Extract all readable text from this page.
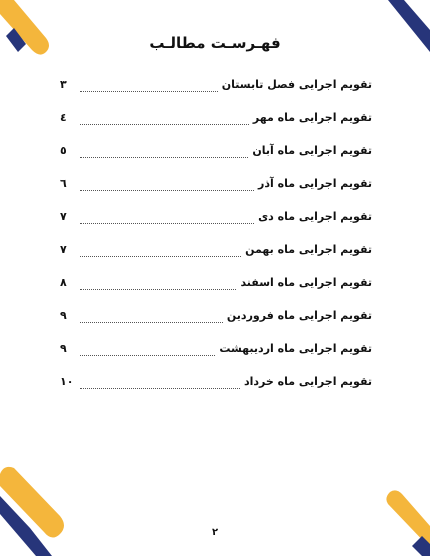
فهـرسـت مطالـب
تقویم اجرایی فصل تابستان
۳
تقویم اجرایی ماه مهر
٤
تقویم اجرایی ماه آبان
٥
تقویم اجرایی ماه آذر
٦
تقویم اجرایی ماه دی
۷
تقویم اجرایی ماه بهمن
۷
تقویم اجرایی ماه اسفند
۸
تقویم اجرایی ماه فروردین
۹
تقویم اجرایی ماه اردیبهشت
۹
تقویم اجرایی ماه خرداد
۱۰
۲
